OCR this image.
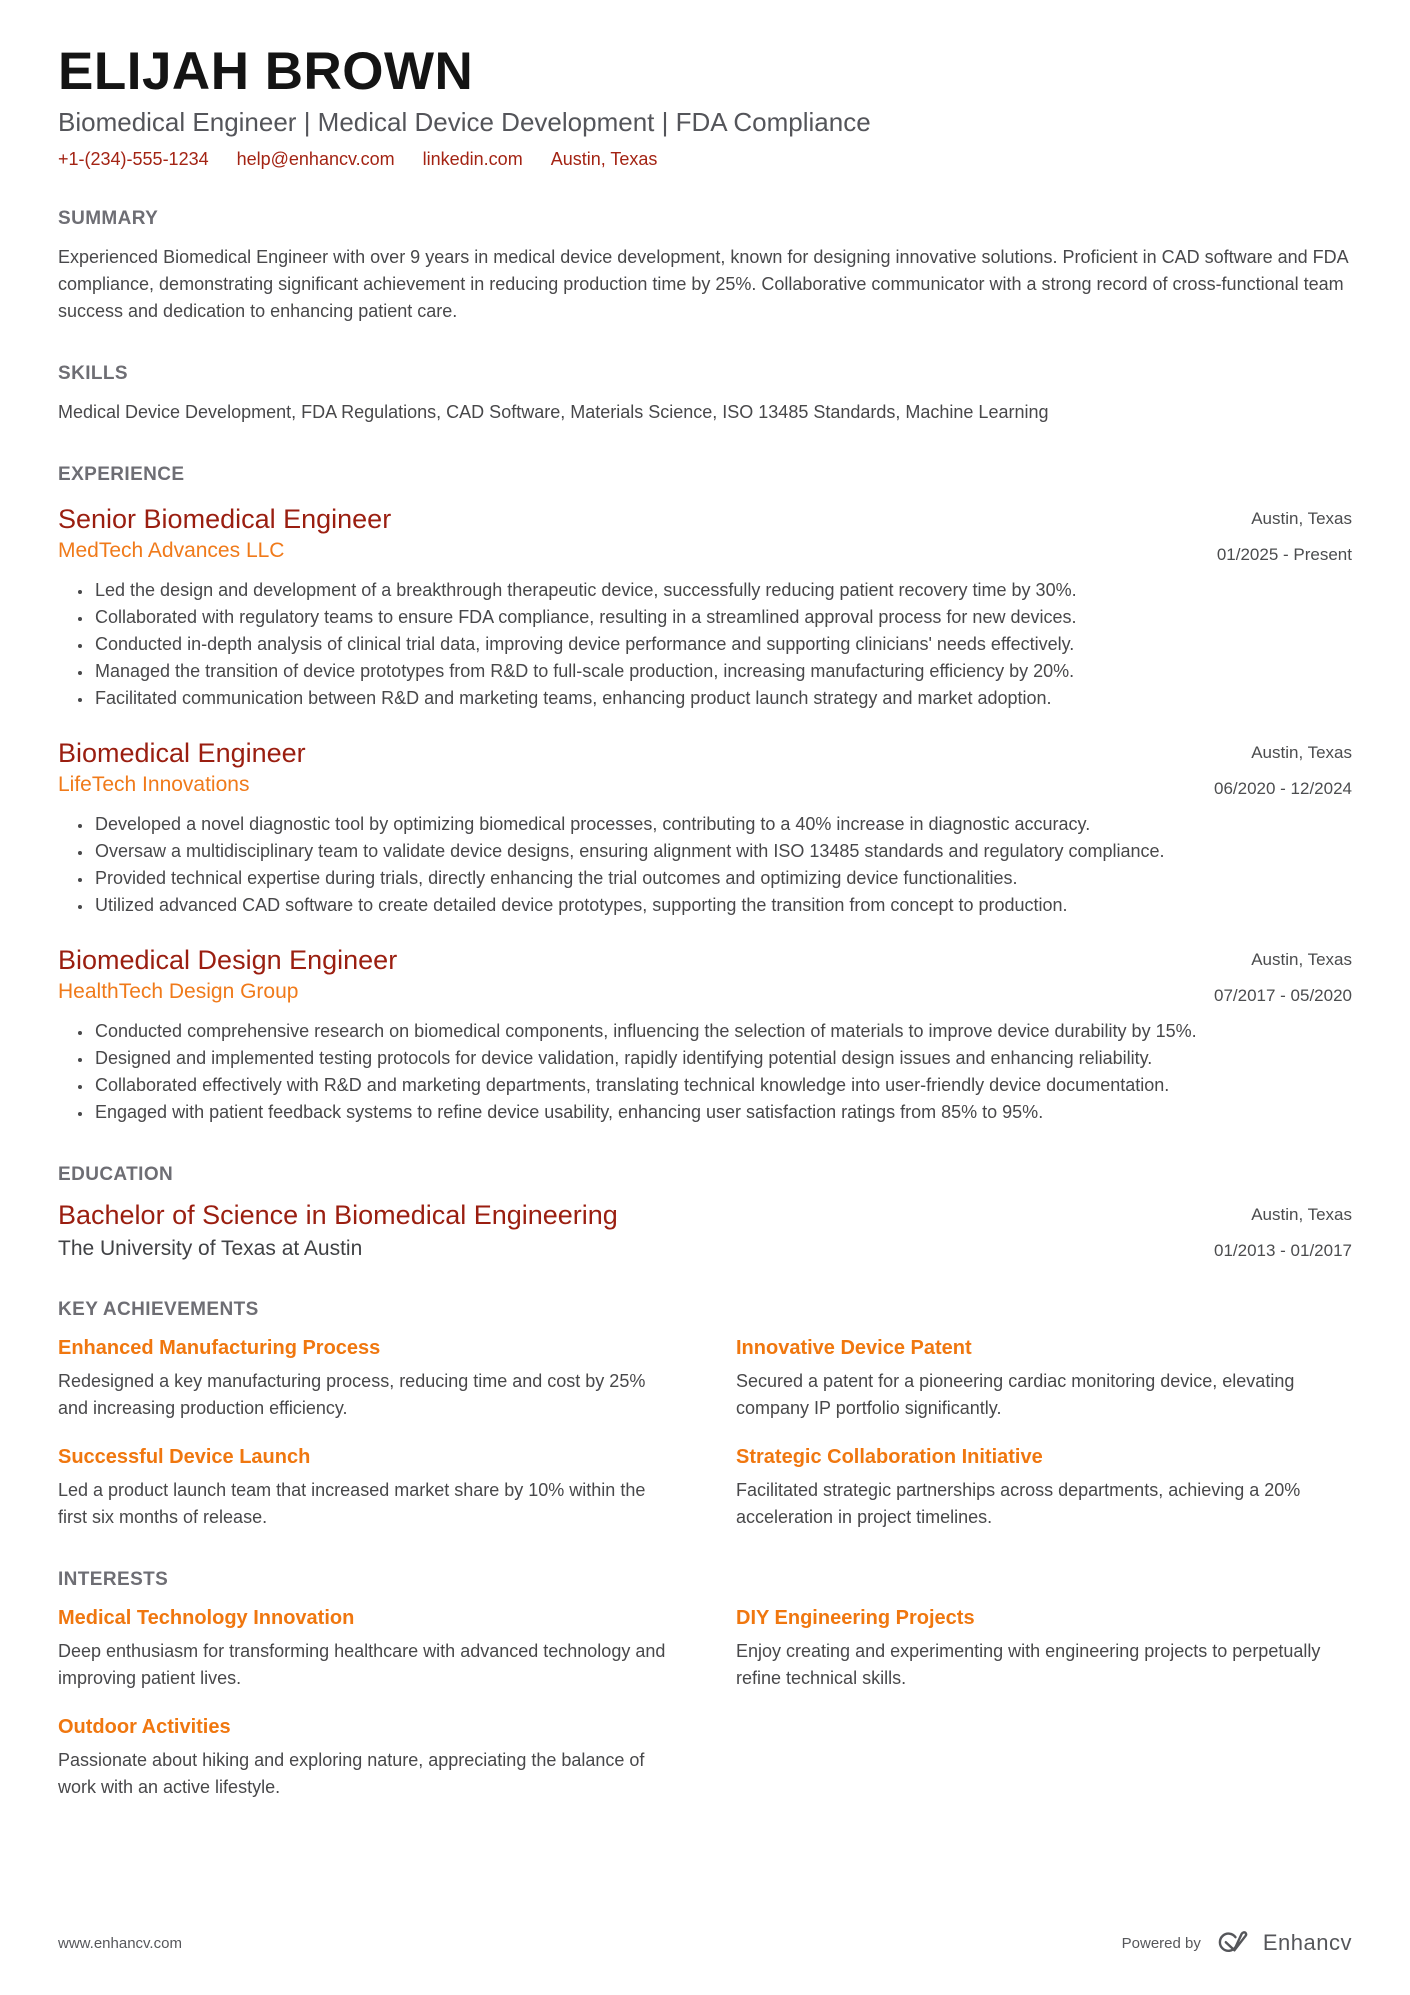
ELIJAH BROWN
Biomedical Engineer | Medical Device Development | FDA Compliance
+1-(234)-555-1234 help@enhancv.com linkedin.com Austin, Texas
SUMMARY

Experienced Biomedical Engineer with over 9 years in medical device development, known for designing innovative solutions. Proficient in CAD software and FDA compliance, demonstrating significant achievement in reducing production time by 25%. Collaborative communicator with a strong record of cross-functional team success and dedication to enhancing patient care.

SKILLS

Medical Device Development, FDA Regulations, CAD Software, Materials Science, ISO 13485 Standards, Machine Learning

EXPERIENCE
Senior Biomedical Engineer
MedTech Advances LLC
Austin, Texas
01/2025 - Present
• Led the design and development of a breakthrough therapeutic device, successfully reducing patient recovery time by 30%.
• Collaborated with regulatory teams to ensure FDA compliance, resulting in a streamlined approval process for new devices.
• Conducted in-depth analysis of clinical trial data, improving device performance and supporting clinicians' needs effectively.
• Managed the transition of device prototypes from R&D to full-scale production, increasing manufacturing efficiency by 20%.
• Facilitated communication between R&D and marketing teams, enhancing product launch strategy and market adoption.
Biomedical Engineer
LifeTech Innovations
Austin, Texas
06/2020 - 12/2024
• Developed a novel diagnostic tool by optimizing biomedical processes, contributing to a 40% increase in diagnostic accuracy.
• Oversaw a multidisciplinary team to validate device designs, ensuring alignment with ISO 13485 standards and regulatory compliance.
• Provided technical expertise during trials, directly enhancing the trial outcomes and optimizing device functionalities.
• Utilized advanced CAD software to create detailed device prototypes, supporting the transition from concept to production.
Biomedical Design Engineer
HealthTech Design Group
Austin, Texas
07/2017 - 05/2020
• Conducted comprehensive research on biomedical components, influencing the selection of materials to improve device durability by 15%.
• Designed and implemented testing protocols for device validation, rapidly identifying potential design issues and enhancing reliability.
• Collaborated effectively with R&D and marketing departments, translating technical knowledge into user-friendly device documentation.
• Engaged with patient feedback systems to refine device usability, enhancing user satisfaction ratings from 85% to 95%.
EDUCATION
Bachelor of Science in Biomedical Engineering
The University of Texas at Austin
Austin, Texas
01/2013 - 01/2017
KEY ACHIEVEMENTS
Enhanced Manufacturing Process

Redesigned a key manufacturing process, reducing time and cost by 25% and increasing production efficiency.

Innovative Device Patent

Secured a patent for a pioneering cardiac monitoring device, elevating company IP portfolio significantly.

Successful Device Launch

Led a product launch team that increased market share by 10% within the first six months of release.

Strategic Collaboration Initiative

Facilitated strategic partnerships across departments, achieving a 20% acceleration in project timelines.

INTERESTS
Medical Technology Innovation

Deep enthusiasm for transforming healthcare with advanced technology and improving patient lives.

DIY Engineering Projects

Enjoy creating and experimenting with engineering projects to perpetually refine technical skills.

Outdoor Activities

Passionate about hiking and exploring nature, appreciating the balance of work with an active lifestyle.

www.enhancv.com	Powered by	Enhancv
